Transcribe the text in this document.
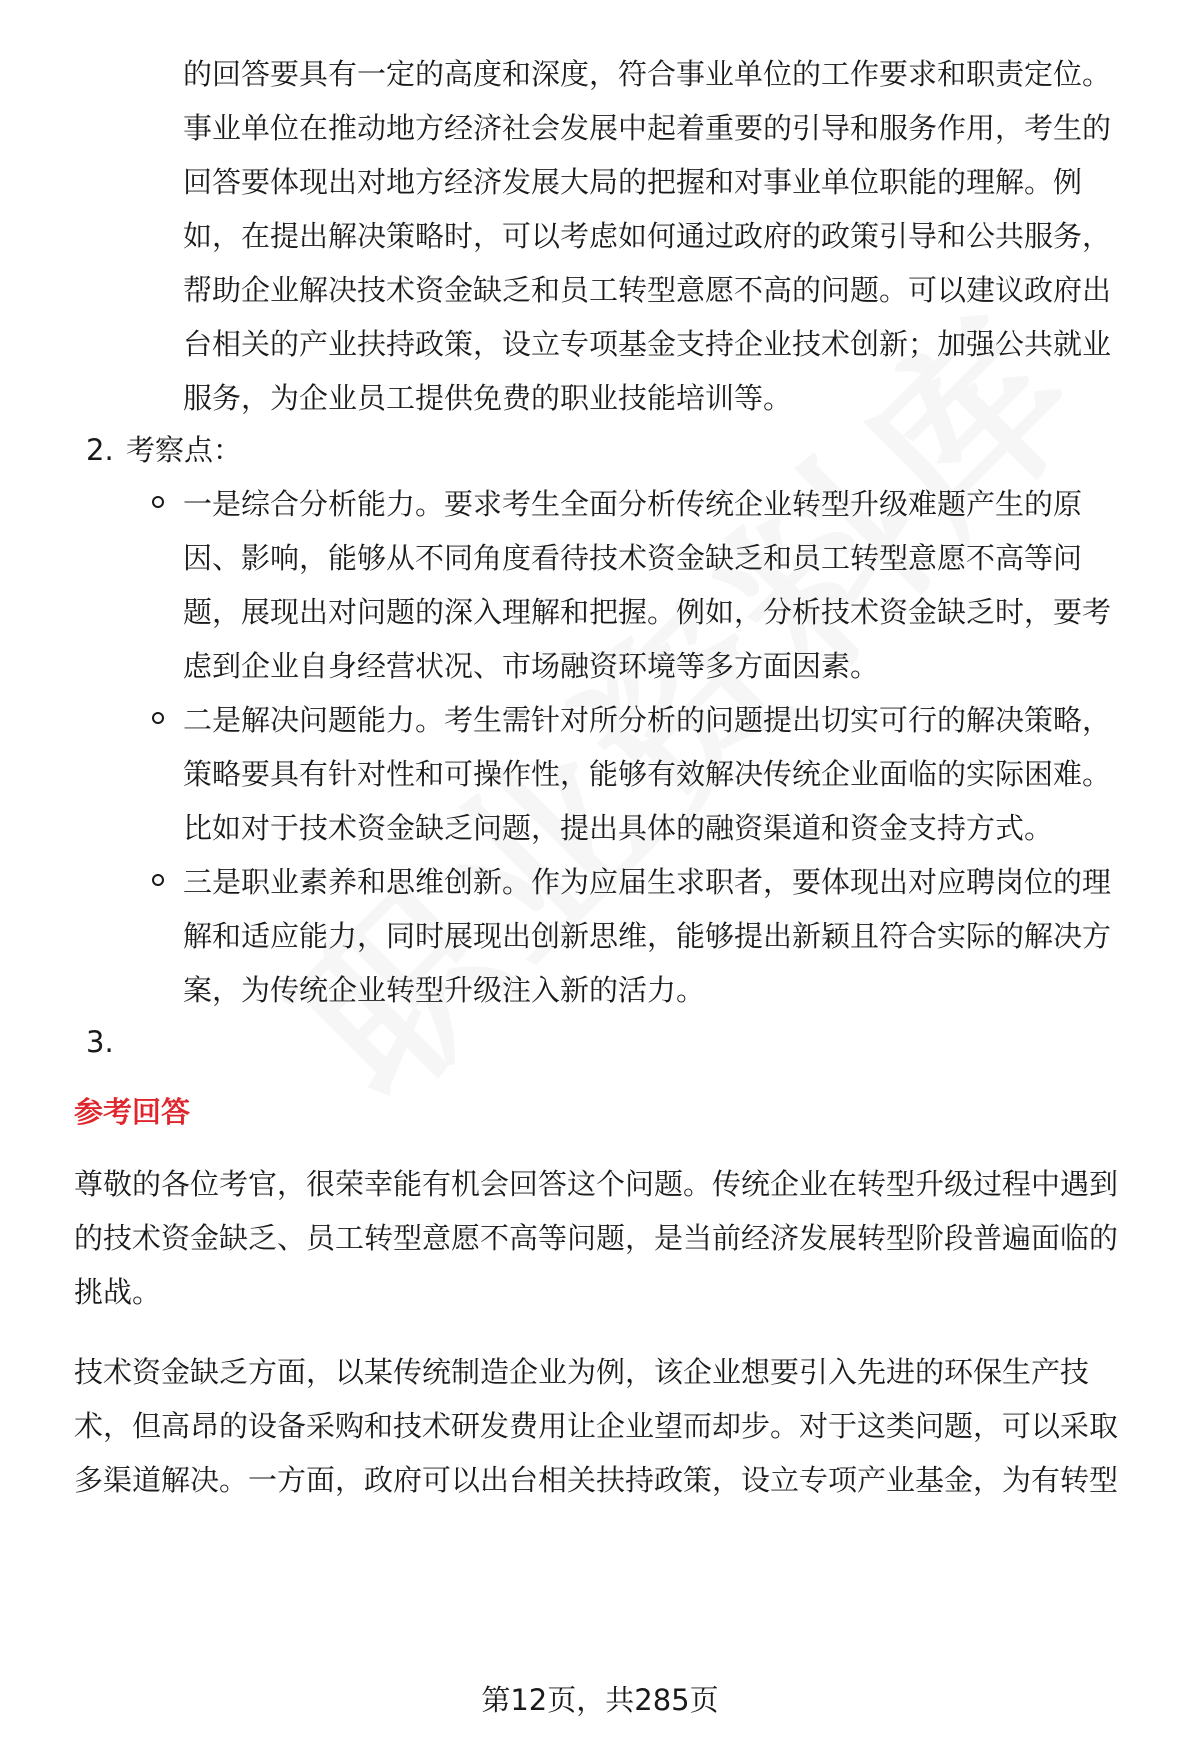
的回答要具有一定的高度和深度，符合事业单位的工作要求和职责定位。
事业单位在推动地方经济社会发展中起着重要的引导和服务作用，考生的
回答要体现出对地方经济发展大局的把握和对事业单位职能的理解。例
如，在提出解决策略时，可以考虑如何通过政府的政策引导和公共服务，
帮助企业解决技术资金缺乏和员工转型意愿不高的问题。可以建议政府出
台相关的产业扶持政策，设立专项基金支持企业技术创新；加强公共就业
服务，为企业员工提供免费的职业技能培训等。
2. 考察点：
一是综合分析能力。要求考生全面分析传统企业转型升级难题产生的原
因、影响，能够从不同角度看待技术资金缺乏和员工转型意愿不高等问
题，展现出对问题的深入理解和把握。例如，分析技术资金缺乏时，要考
虑到企业自身经营状况、市场融资环境等多方面因素。
二是解决问题能力。考生需针对所分析的问题提出切实可行的解决策略，
策略要具有针对性和可操作性，能够有效解决传统企业面临的实际困难。
比如对于技术资金缺乏问题，提出具体的融资渠道和资金支持方式。
三是职业素养和思维创新。作为应届生求职者，要体现出对应聘岗位的理
解和适应能力，同时展现出创新思维，能够提出新颖且符合实际的解决方
案，为传统企业转型升级注入新的活力。
3.
参考回答
尊敬的各位考官，很荣幸能有机会回答这个问题。传统企业在转型升级过程中遇到
的技术资金缺乏、员工转型意愿不高等问题，是当前经济发展转型阶段普遍面临的
挑战。
技术资金缺乏方面，以某传统制造企业为例，该企业想要引入先进的环保生产技
术，但高昂的设备采购和技术研发费用让企业望而却步。对于这类问题，可以采取
多渠道解决。一方面，政府可以出台相关扶持政策，设立专项产业基金，为有转型
第12页，共285页
